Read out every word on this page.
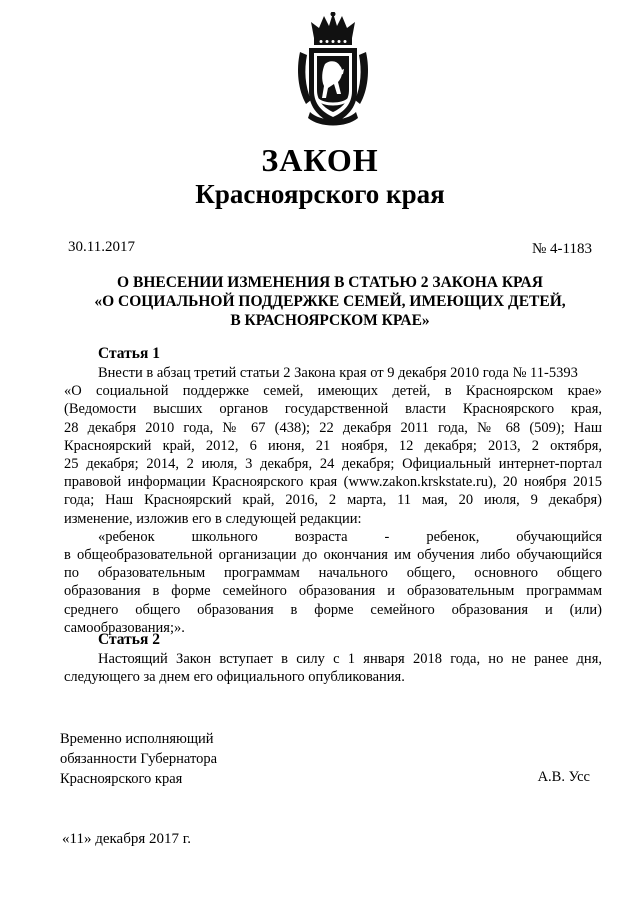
ЗАКОН
Красноярского края
30.11.2017	№ 4-1183
О ВНЕСЕНИИ ИЗМЕНЕНИЯ В СТАТЬЮ 2 ЗАКОНА КРАЯ
«О СОЦИАЛЬНОЙ ПОДДЕРЖКЕ СЕМЕЙ, ИМЕЮЩИХ ДЕТЕЙ,
В КРАСНОЯРСКОМ КРАЕ»
Статья 1
Внести в абзац третий статьи 2 Закона края от 9 декабря 2010 года № 11-5393
«О социальной поддержке семей, имеющих детей, в Красноярском крае»
(Ведомости высших органов государственной власти Красноярского края,
28 декабря 2010 года, № 67 (438); 22 декабря 2011 года, № 68 (509); Наш
Красноярский край, 2012, 6 июня, 21 ноября, 12 декабря; 2013, 2 октября,
25 декабря; 2014, 2 июля, 3 декабря, 24 декабря; Официальный интернет-портал
правовой информации Красноярского края (www.zakon.krskstate.ru), 20 ноября 2015
года; Наш Красноярский край, 2016, 2 марта, 11 мая, 20 июля, 9 декабря)
изменение, изложив его в следующей редакции:
«ребенок школьного возраста - ребенок, обучающийся
в общеобразовательной организации до окончания им обучения либо обучающийся
по образовательным программам начального общего, основного общего
образования в форме семейного образования и образовательным программам
среднего общего образования в форме семейного образования и (или)
самообразования;».
Статья 2
Настоящий Закон вступает в силу с 1 января 2018 года, но не ранее дня,
следующего за днем его официального опубликования.
Временно исполняющий
обязанности Губернатора
Красноярского края	А.В. Усс
«11» декабря 2017 г.
